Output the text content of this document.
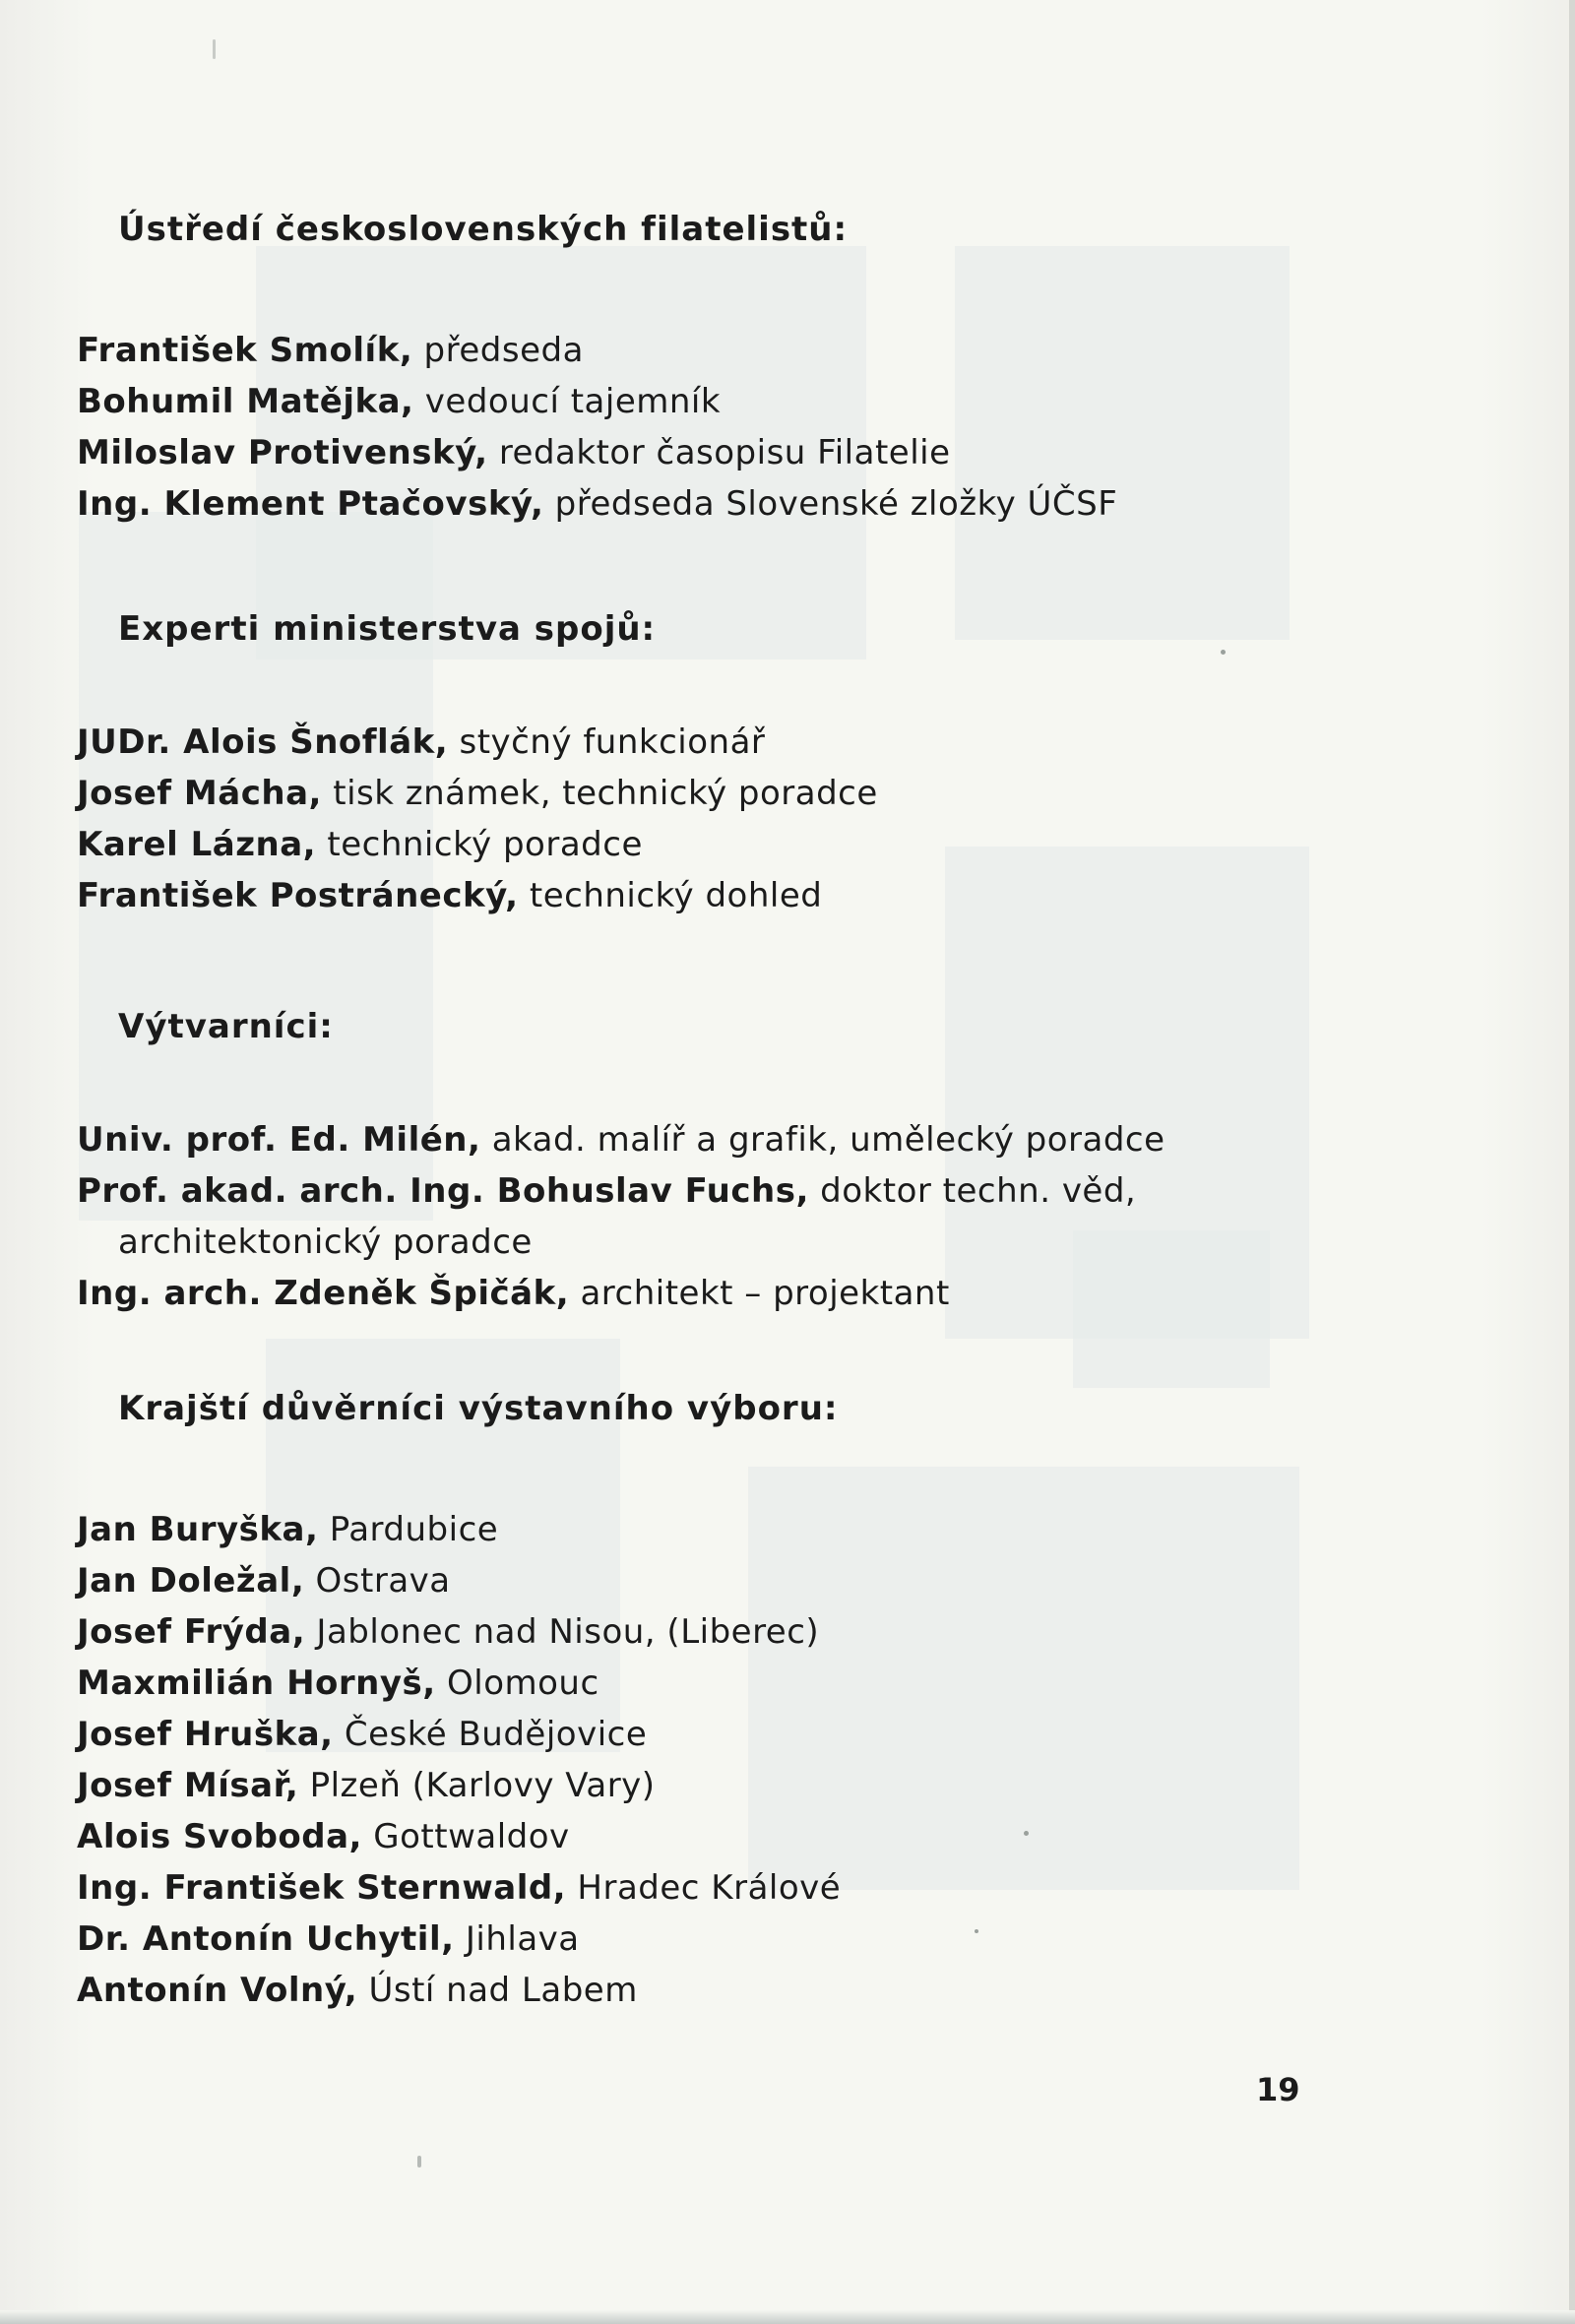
Ústředí československých filatelistů:
František Smolík, předseda
Bohumil Matějka, vedoucí tajemník
Miloslav Protivenský, redaktor časopisu Filatelie
Ing. Klement Ptačovský, předseda Slovenské zložky ÚČSF
Experti ministerstva spojů:
JUDr. Alois Šnoflák, styčný funkcionář
Josef Mácha, tisk známek, technický poradce
Karel Lázna, technický poradce
František Postránecký, technický dohled
Výtvarníci:
Univ. prof. Ed. Milén, akad. malíř a grafik, umělecký poradce
Prof. akad. arch. Ing. Bohuslav Fuchs, doktor techn. věd, architektonický poradce
Ing. arch. Zdeněk Špičák, architekt – projektant
Krajští důvěrníci výstavního výboru:
Jan Buryška, Pardubice
Jan Doležal, Ostrava
Josef Frýda, Jablonec nad Nisou, (Liberec)
Maxmilián Hornyš, Olomouc
Josef Hruška, České Budějovice
Josef Mísař, Plzeň (Karlovy Vary)
Alois Svoboda, Gottwaldov
Ing. František Sternwald, Hradec Králové
Dr. Antonín Uchytil, Jihlava
Antonín Volný, Ústí nad Labem
19
